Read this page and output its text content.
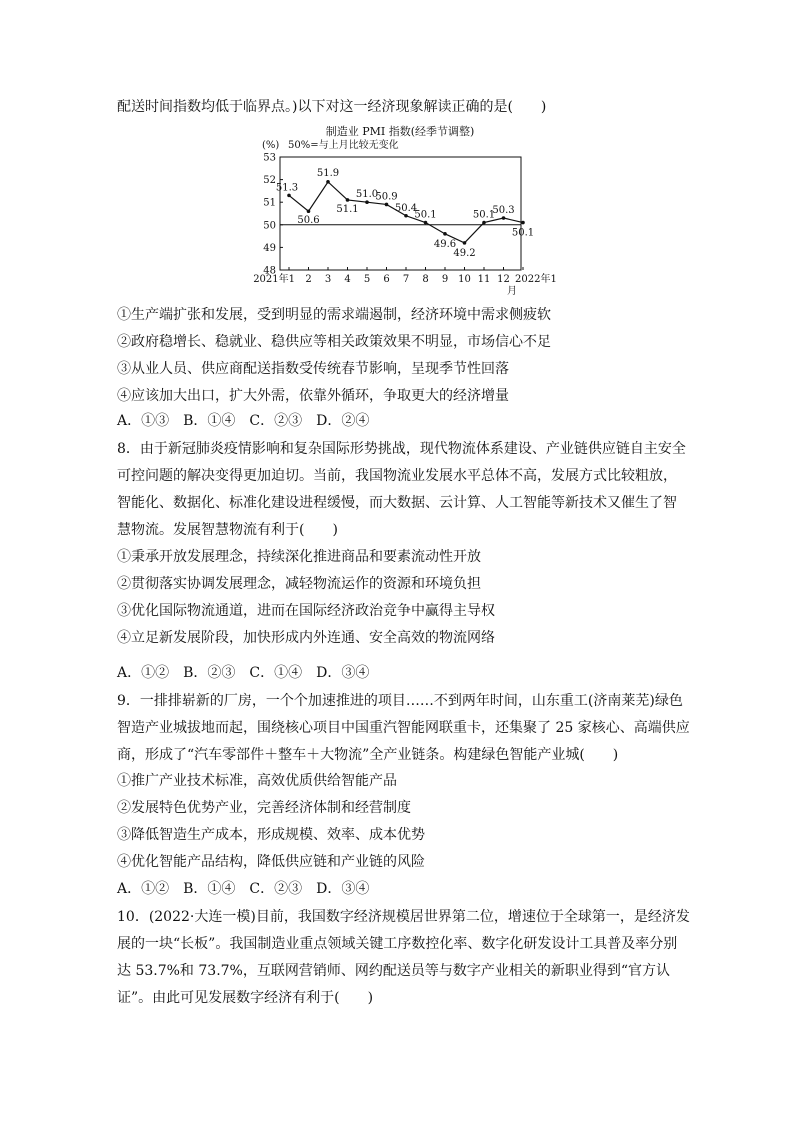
配送时间指数均低于临界点。)以下对这一经济现象解读正确的是(　　)
制造业 PMI 指数(经季节调整)
(%) 50%=与上月比较无变化
48
49
50
51
52
53
2021年1 2 3 4 5 6 7 8 9 10 11 12 2022年1
51.3
50.6
51.9
51.1
51.0
50.9
50.4
50.1
49.6
49.2
50.1
50.3
50.1
月
①生产端扩张和发展，受到明显的需求端遏制，经济环境中需求侧疲软
②政府稳增长、稳就业、稳供应等相关政策效果不明显，市场信心不足
③从业人员、供应商配送指数受传统春节影响，呈现季节性回落
④应该加大出口，扩大外需，依靠外循环，争取更大的经济增量
A．①③　B．①④　C．②③　D．②④
8．由于新冠肺炎疫情影响和复杂国际形势挑战，现代物流体系建设、产业链供应链自主安全
可控问题的解决变得更加迫切。当前，我国物流业发展水平总体不高，发展方式比较粗放，
智能化、数据化、标准化建设进程缓慢，而大数据、云计算、人工智能等新技术又催生了智
慧物流。发展智慧物流有利于(　　)
①秉承开放发展理念，持续深化推进商品和要素流动性开放
②贯彻落实协调发展理念，减轻物流运作的资源和环境负担
③优化国际物流通道，进而在国际经济政治竞争中赢得主导权
④立足新发展阶段，加快形成内外连通、安全高效的物流网络
A．①②　B．②③　C．①④　D．③④
9．一排排崭新的厂房，一个个加速推进的项目……不到两年时间，山东重工(济南莱芜)绿色
智造产业城拔地而起，围绕核心项目中国重汽智能网联重卡，还集聚了 25 家核心、高端供应
商，形成了“汽车零部件＋整车＋大物流”全产业链条。构建绿色智能产业城(　　)
①推广产业技术标准，高效优质供给智能产品
②发展特色优势产业，完善经济体制和经营制度
③降低智造生产成本，形成规模、效率、成本优势
④优化智能产品结构，降低供应链和产业链的风险
A．①②　B．①④　C．②③　D．③④
10．(2022·大连一模)目前，我国数字经济规模居世界第二位，增速位于全球第一，是经济发
展的一块“长板”。我国制造业重点领域关键工序数控化率、数字化研发设计工具普及率分别
达 53.7%和 73.7%，互联网营销师、网约配送员等与数字产业相关的新职业得到“官方认
证”。由此可见发展数字经济有利于(　　)
